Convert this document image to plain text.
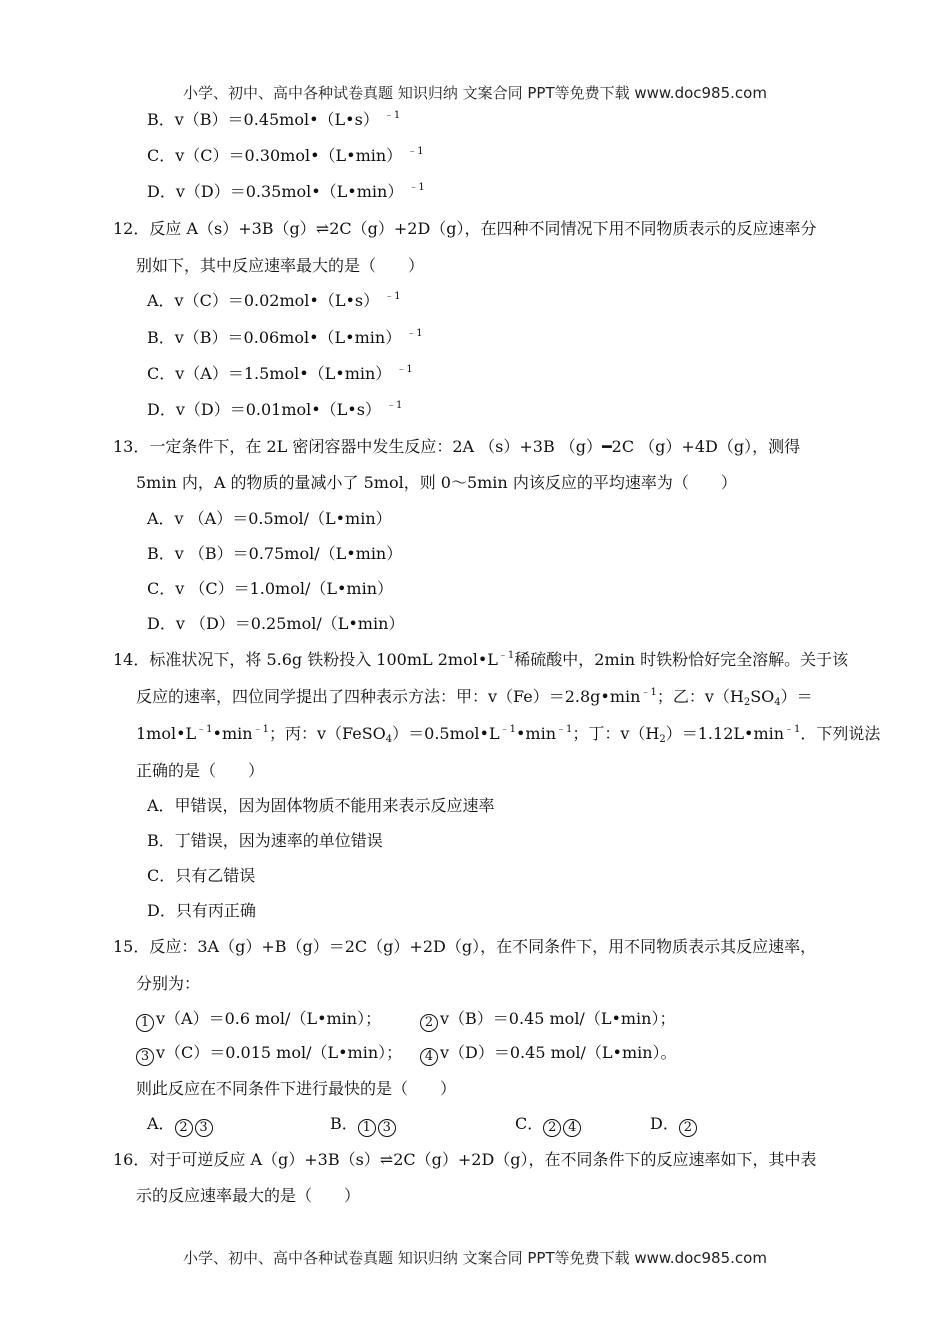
小学、初中、高中各种试卷真题 知识归纳 文案合同 PPT等免费下载 www.doc985.com
B．v（B）＝0.45mol•（L•s） $^{﹣1}$
C．v（C）＝0.30mol•（L•min） $^{﹣1}$
D．v（D）＝0.35mol•（L•min） $^{﹣1}$
12．反应 A（s）+3B（g）⇌2C（g）+2D（g），在四种不同情况下用不同物质表示的反应速率分
别如下，其中反应速率最大的是（　　）
A．v（C）＝0.02mol•（L•s） $^{﹣1}$
B．v（B）＝0.06mol•（L•min） $^{﹣1}$
C．v（A）＝1.5mol•（L•min） $^{﹣1}$
D．v（D）＝0.01mol•（L•s） $^{﹣1}$
13．一定条件下，在 2L 密闭容器中发生反应：2A （s）+3B （g）━2C （g）+4D（g），测得
5min 内，A 的物质的量减小了 5mol，则 0～5min 内该反应的平均速率为（　　）
A．v （A）＝0.5mol/（L•min）
B．v （B）＝0.75mol/（L•min）
C．v （C）＝1.0mol/（L•min）
D．v （D）＝0.25mol/（L•min）
14．标准状况下，将 5.6g 铁粉投入 100mL $2mol•L^{﹣1}$稀硫酸中，2min 时铁粉恰好完全溶解。关于该
反应的速率，四位同学提出了四种表示方法：甲：$v(Fe)=2.8g•\min^{﹣1}$；乙：$v(H_2SO_4)=$
$1mol•L^{﹣1}•\min^{﹣1}$；丙：$v(FeSO_4)=0.5mol•L^{﹣1}•\min^{﹣1}$；丁：$v(H_2)=1.12L•\min^{﹣1}$．下列说法
正确的是（　　）
A．甲错误，因为固体物质不能用来表示反应速率
B．丁错误，因为速率的单位错误
C．只有乙错误
D．只有丙正确
15．反应：3A（g）+B（g）＝2C（g）+2D（g），在不同条件下，用不同物质表示其反应速率，
分别为：
1 v（A）＝0.6 mol/（L•min）；	2 v（B）＝0.45 mol/（L•min）；
3 v（C）＝0.015 mol/（L•min）；	4 v（D）＝0.45 mol/（L•min）。
则此反应在不同条件下进行最快的是（　　）
A． 2 3	B． 1 3	C． 2 4	D． 2
16．对于可逆反应 A（g）+3B（s）⇌2C（g）+2D（g），在不同条件下的反应速率如下，其中表
示的反应速率最大的是（　　）
小学、初中、高中各种试卷真题 知识归纳 文案合同 PPT等免费下载 www.doc985.com
